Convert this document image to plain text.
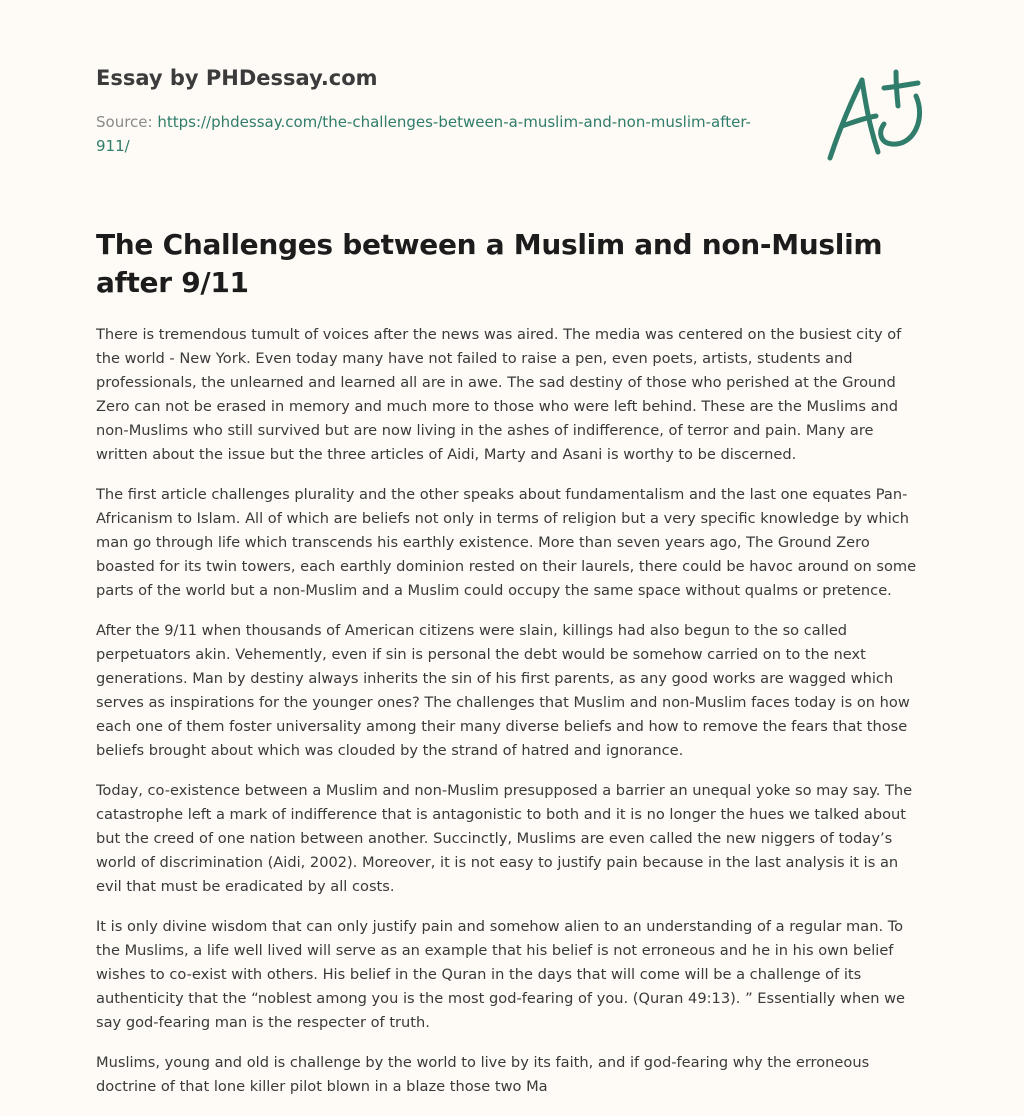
Essay by PHDessay.com
Source: https://phdessay.com/the-challenges-between-a-muslim-and-non-muslim-after-911/
The Challenges between a Muslim and non-Muslim after 9/11

There is tremendous tumult of voices after the news was aired. The media was centered on the busiest city of the world - New York. Even today many have not failed to raise a pen, even poets, artists, students and professionals, the unlearned and learned all are in awe. The sad destiny of those who perished at the Ground Zero can not be erased in memory and much more to those who were left behind. These are the Muslims and non-Muslims who still survived but are now living in the ashes of indifference, of terror and pain. Many are written about the issue but the three articles of Aidi, Marty and Asani is worthy to be discerned.

The first article challenges plurality and the other speaks about fundamentalism and the last one equates Pan-Africanism to Islam. All of which are beliefs not only in terms of religion but a very specific knowledge by which man go through life which transcends his earthly existence. More than seven years ago, The Ground Zero boasted for its twin towers, each earthly dominion rested on their laurels, there could be havoc around on some parts of the world but a non-Muslim and a Muslim could occupy the same space without qualms or pretence.

After the 9/11 when thousands of American citizens were slain, killings had also begun to the so called perpetuators akin. Vehemently, even if sin is personal the debt would be somehow carried on to the next generations. Man by destiny always inherits the sin of his first parents, as any good works are wagged which serves as inspirations for the younger ones? The challenges that Muslim and non-Muslim faces today is on how each one of them foster universality among their many diverse beliefs and how to remove the fears that those beliefs brought about which was clouded by the strand of hatred and ignorance.

Today, co-existence between a Muslim and non-Muslim presupposed a barrier an unequal yoke so may say. The catastrophe left a mark of indifference that is antagonistic to both and it is no longer the hues we talked about but the creed of one nation between another. Succinctly, Muslims are even called the new niggers of today’s world of discrimination (Aidi, 2002). Moreover, it is not easy to justify pain because in the last analysis it is an evil that must be eradicated by all costs.

It is only divine wisdom that can only justify pain and somehow alien to an understanding of a regular man. To the Muslims, a life well lived will serve as an example that his belief is not erroneous and he in his own belief wishes to co-exist with others. His belief in the Quran in the days that will come will be a challenge of its authenticity that the “noblest among you is the most god-fearing of you. (Quran 49:13). ” Essentially when we say god-fearing man is the respecter of truth.

Muslims, young and old is challenge by the world to live by its faith, and if god-fearing why the erroneous doctrine of that lone killer pilot blown in a blaze those two Ma
